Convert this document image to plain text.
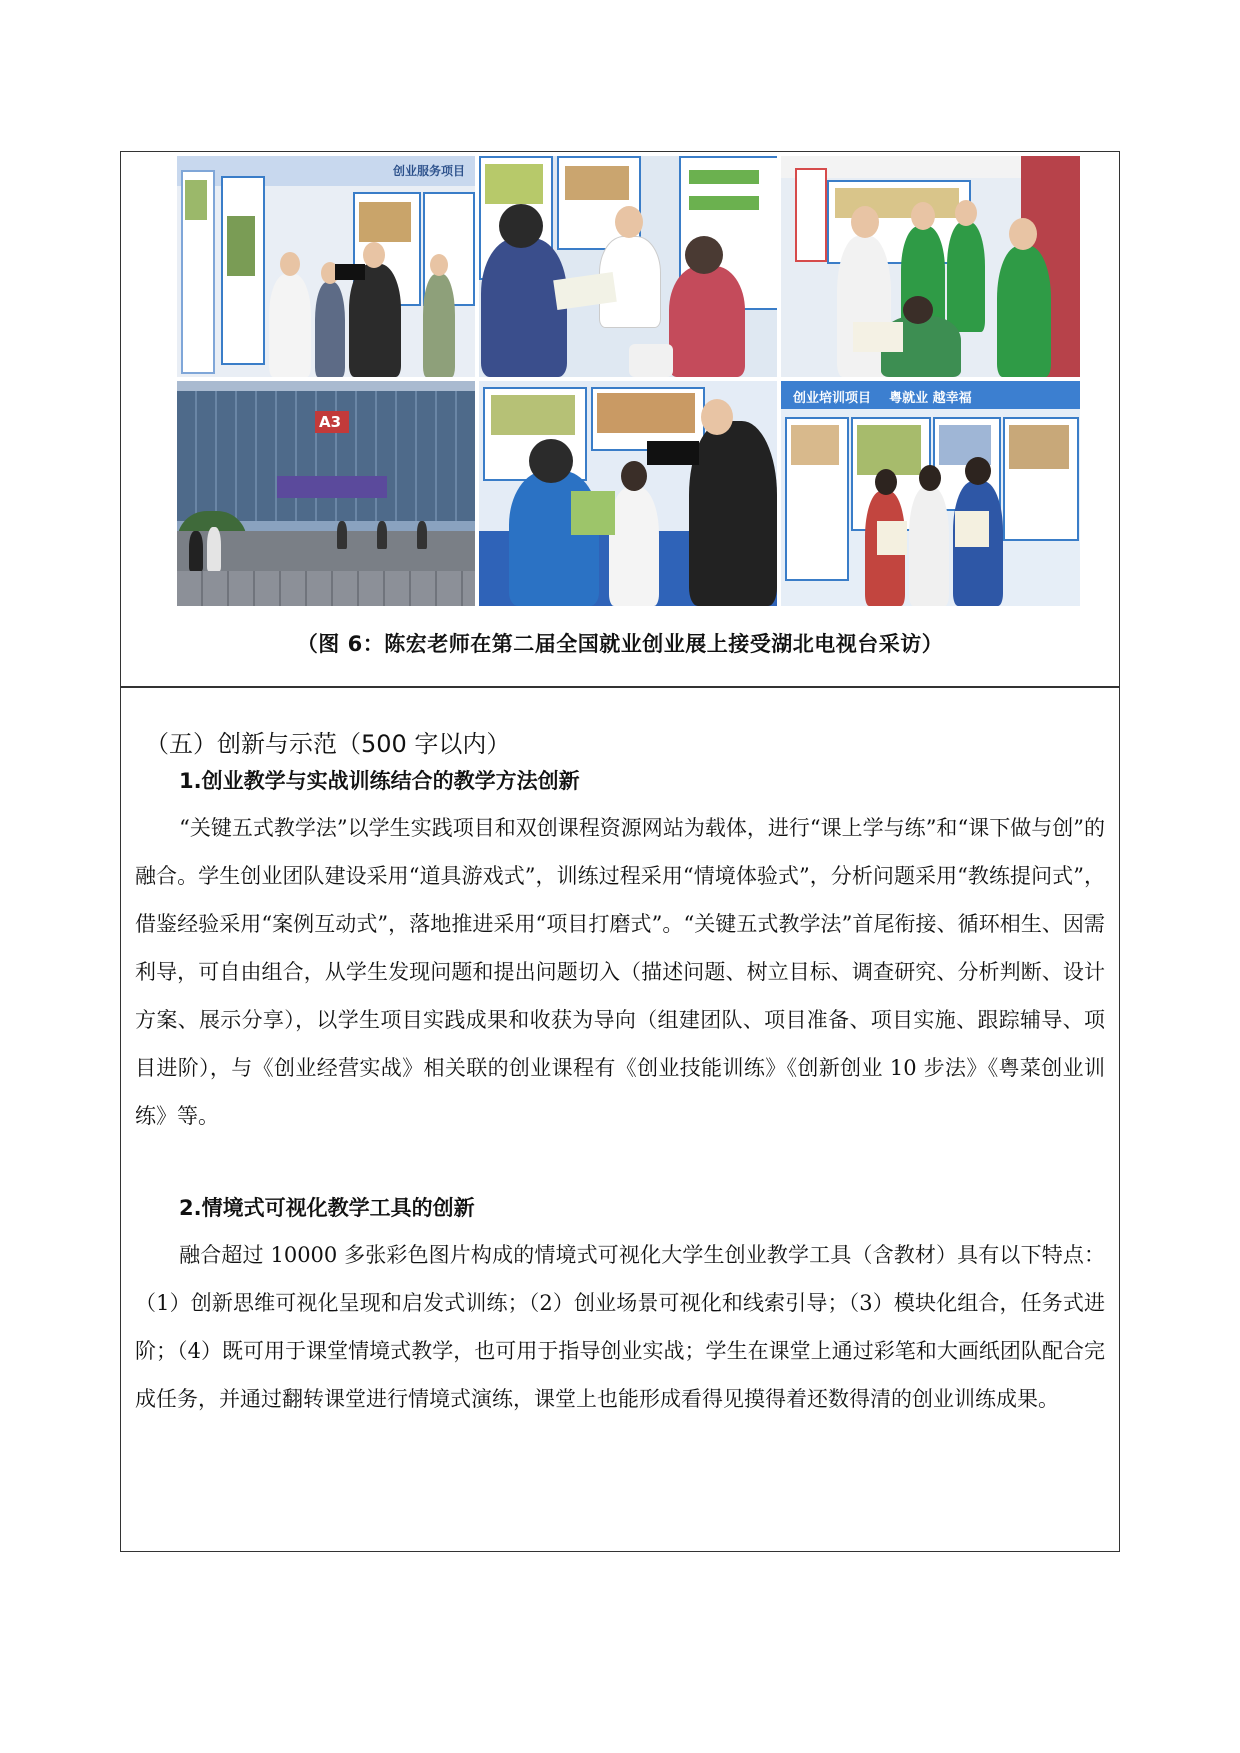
创业服务项目
A3
创业培训项目    粤就业 越幸福
（图 6：陈宏老师在第二届全国就业创业展上接受湖北电视台采访）
（五）创新与示范（500 字以内）
1.创业教学与实战训练结合的教学方法创新
“关键五式教学法”以学生实践项目和双创课程资源网站为载体，进行“课上学与练”和“课下做与创”的融合。学生创业团队建设采用“道具游戏式”，训练过程采用“情境体验式”，分析问题采用“教练提问式”，借鉴经验采用“案例互动式”，落地推进采用“项目打磨式”。“关键五式教学法”首尾衔接、循环相生、因需利导，可自由组合，从学生发现问题和提出问题切入（描述问题、树立目标、调查研究、分析判断、设计方案、展示分享），以学生项目实践成果和收获为导向（组建团队、项目准备、项目实施、跟踪辅导、项目进阶），与《创业经营实战》相关联的创业课程有《创业技能训练》《创新创业 10 步法》《粤菜创业训练》等。
2.情境式可视化教学工具的创新
融合超过 10000 多张彩色图片构成的情境式可视化大学生创业教学工具（含教材）具有以下特点：（1）创新思维可视化呈现和启发式训练；（2）创业场景可视化和线索引导；（3）模块化组合，任务式进阶；（4）既可用于课堂情境式教学，也可用于指导创业实战；学生在课堂上通过彩笔和大画纸团队配合完成任务，并通过翻转课堂进行情境式演练，课堂上也能形成看得见摸得着还数得清的创业训练成果。
